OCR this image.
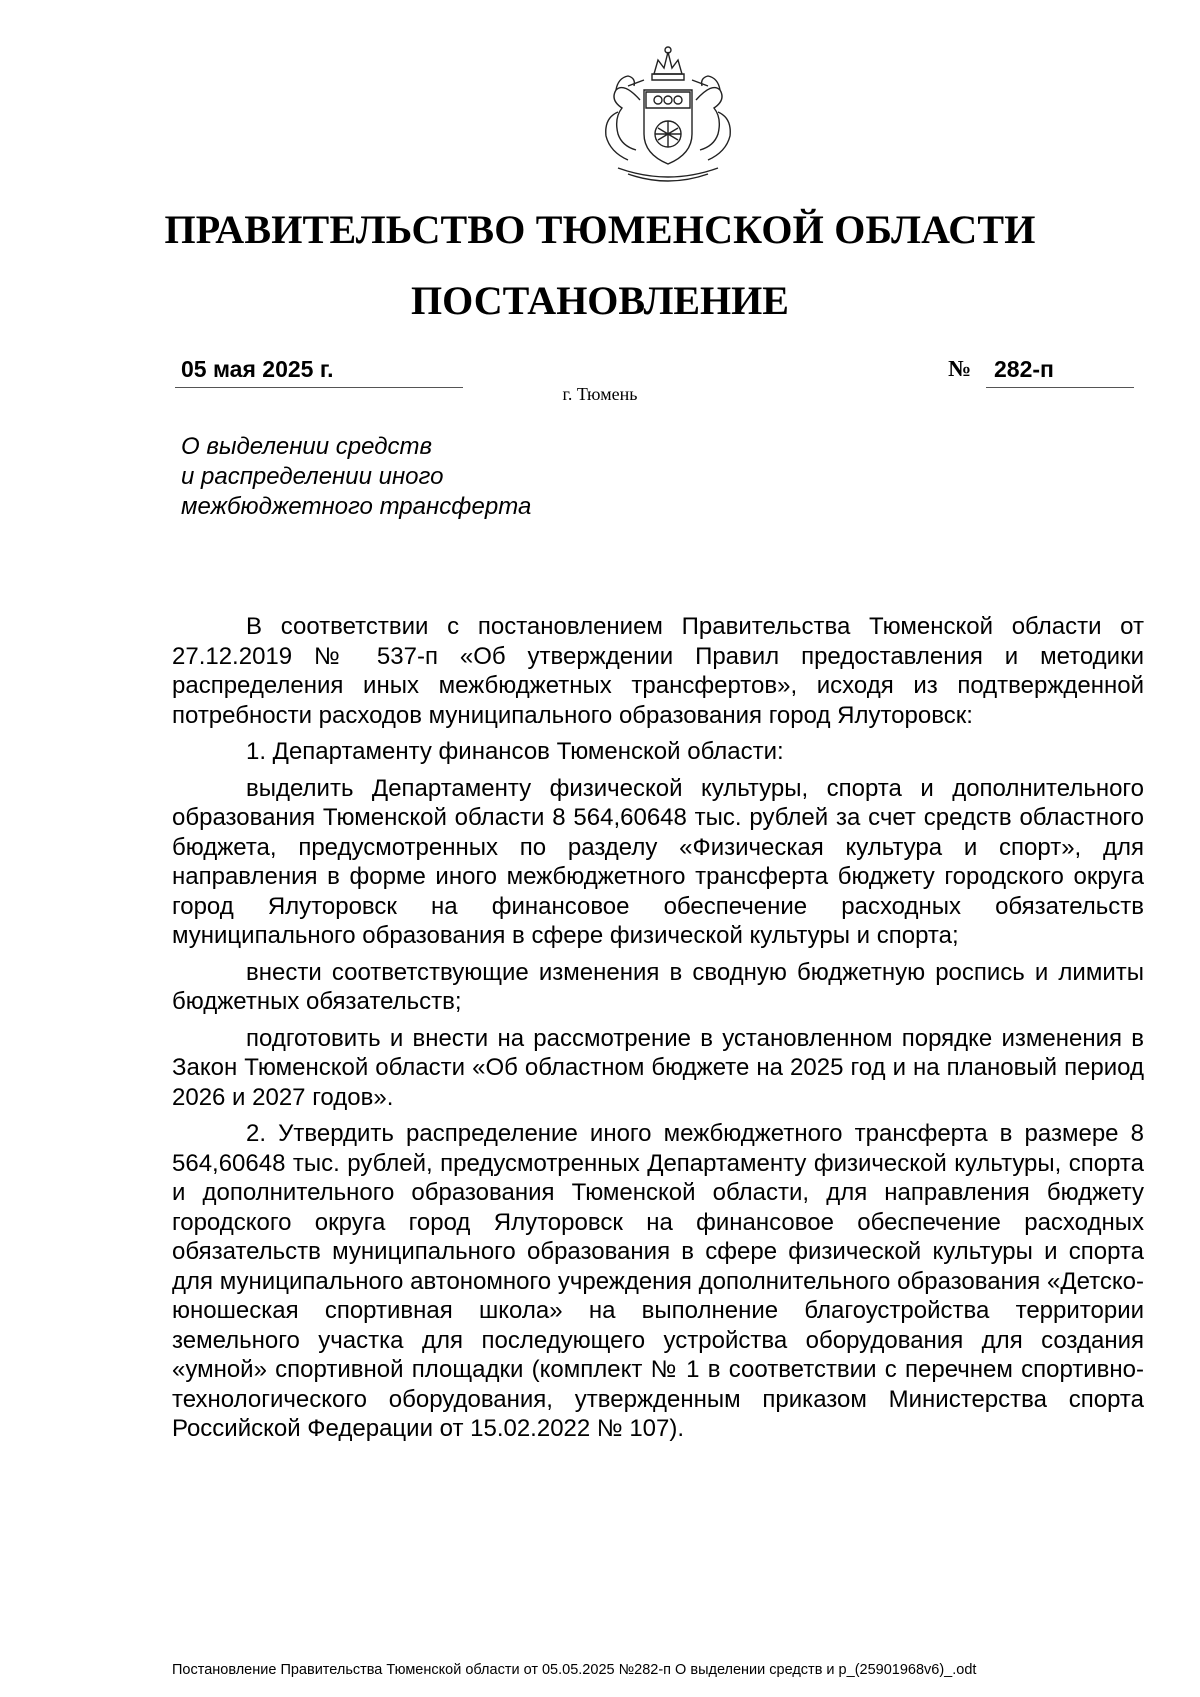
ПРАВИТЕЛЬСТВО ТЮМЕНСКОЙ ОБЛАСТИ
ПОСТАНОВЛЕНИЕ
05 мая 2025 г.	№ 282-п
г. Тюмень
О выделении средств
и распределении иного
межбюджетного трансферта

В соответствии с постановлением Правительства Тюменской области от 27.12.2019 № 537-п «Об утверждении Правил предоставления и методики распределения иных межбюджетных трансфертов», исходя из подтвержденной потребности расходов муниципального образования город Ялуторовск:

1. Департаменту финансов Тюменской области:

выделить Департаменту физической культуры, спорта и дополнительного образования Тюменской области 8 564,60648 тыс. рублей за счет средств областного бюджета, предусмотренных по разделу «Физическая культура и спорт», для направления в форме иного межбюджетного трансферта бюджету городского округа город Ялуторовск на финансовое обеспечение расходных обязательств муниципального образования в сфере физической культуры и спорта;

внести соответствующие изменения в сводную бюджетную роспись и лимиты бюджетных обязательств;

подготовить и внести на рассмотрение в установленном порядке изменения в Закон Тюменской области «Об областном бюджете на 2025 год и на плановый период 2026 и 2027 годов».

2. Утвердить распределение иного межбюджетного трансферта в размере 8 564,60648 тыс. рублей, предусмотренных Департаменту физической культуры, спорта и дополнительного образования Тюменской области, для направления бюджету городского округа город Ялуторовск на финансовое обеспечение расходных обязательств муниципального образования в сфере физической культуры и спорта для муниципального автономного учреждения дополнительного образования «Детско-юношеская спортивная школа» на выполнение благоустройства территории земельного участка для последующего устройства оборудования для создания «умной» спортивной площадки (комплект № 1 в соответствии с перечнем спортивно-технологического оборудования, утвержденным приказом Министерства спорта Российской Федерации от 15.02.2022 № 107).

Постановление Правительства Тюменской области от 05.05.2025 №282-п О выделении средств и р_(25901968v6)_.odt
